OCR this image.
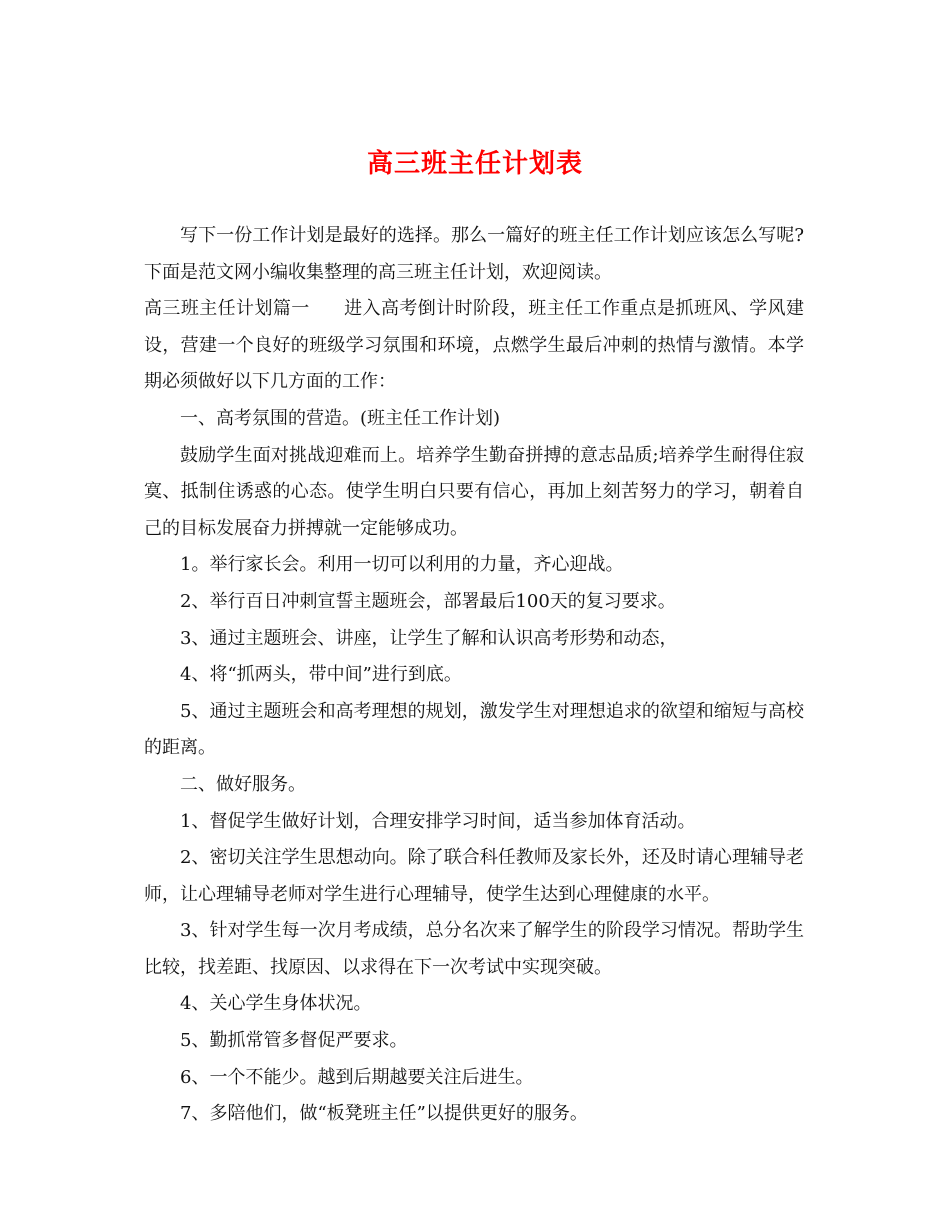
高三班主任计划表

写下一份工作计划是最好的选择。那么一篇好的班主任工作计划应该怎么写呢?下面是范文网小编收集整理的高三班主任计划，欢迎阅读。

高三班主任计划篇一 进入高考倒计时阶段，班主任工作重点是抓班风、学风建设，营建一个良好的班级学习氛围和环境，点燃学生最后冲刺的热情与激情。本学期必须做好以下几方面的工作：

一、高考氛围的营造。(班主任工作计划)

鼓励学生面对挑战迎难而上。培养学生勤奋拼搏的意志品质;培养学生耐得住寂寞、抵制住诱惑的心态。使学生明白只要有信心，再加上刻苦努力的学习，朝着自己的目标发展奋力拼搏就一定能够成功。

1。举行家长会。利用一切可以利用的力量，齐心迎战。

2、举行百日冲刺宣誓主题班会，部署最后100天的复习要求。

3、通过主题班会、讲座，让学生了解和认识高考形势和动态，

4、将“抓两头，带中间”进行到底。

5、通过主题班会和高考理想的规划，激发学生对理想追求的欲望和缩短与高校的距离。

二、做好服务。

1、督促学生做好计划，合理安排学习时间，适当参加体育活动。

2、密切关注学生思想动向。除了联合科任教师及家长外，还及时请心理辅导老师，让心理辅导老师对学生进行心理辅导，使学生达到心理健康的水平。

3、针对学生每一次月考成绩，总分名次来了解学生的阶段学习情况。帮助学生比较，找差距、找原因、以求得在下一次考试中实现突破。

4、关心学生身体状况。

5、勤抓常管多督促严要求。

6、一个不能少。越到后期越要关注后进生。

7、多陪他们，做“板凳班主任”以提供更好的服务。
